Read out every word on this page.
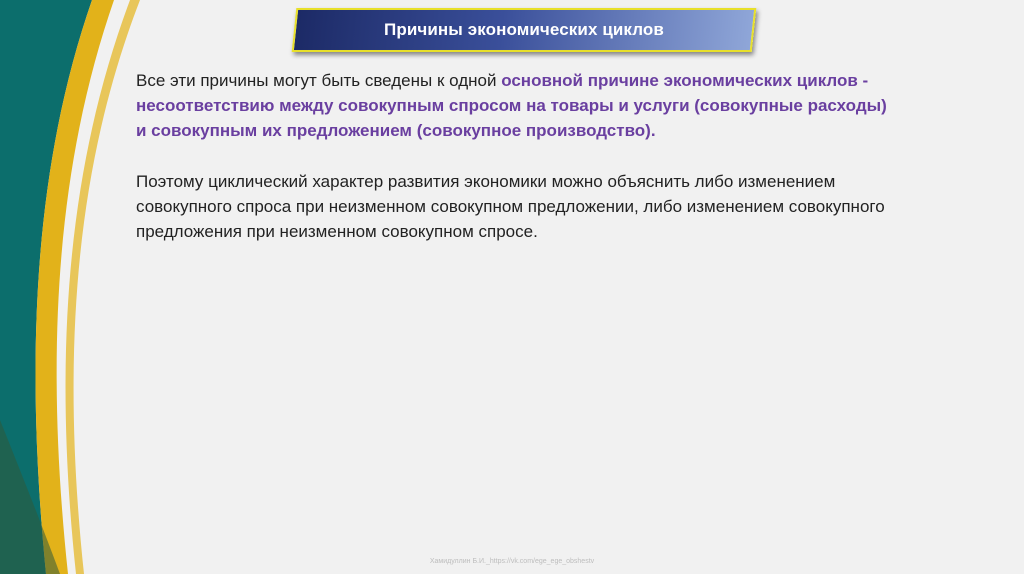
Причины экономических циклов

Все эти причины могут быть сведены к одной основной причине экономических циклов - несоответствию между совокупным спросом на товары и услуги (совокупные расходы) и совокупным их предложением (совокупное производство).

Поэтому циклический характер развития экономики можно объяснить либо изменением совокупного спроса при неизменном совокупном предложении, либо изменением совокупного предложения при неизменном совокупном спросе.

Хамидуллин Б.И._https://vk.com/ege_ege_obshestv
